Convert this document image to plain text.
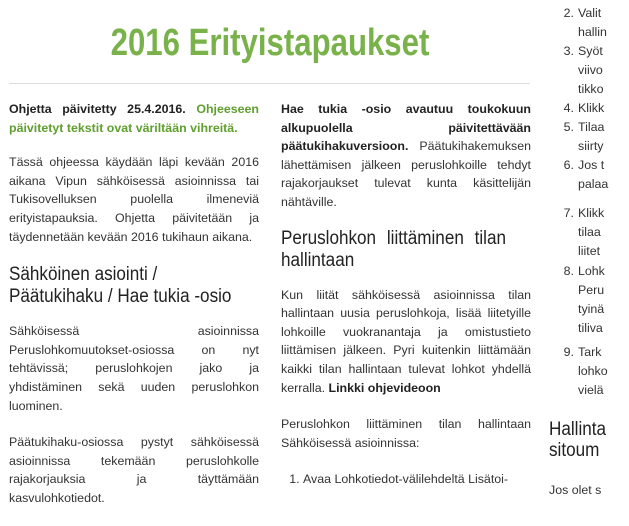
2016 Erityistapaukset

Ohjetta päivitetty 25.4.2016. Ohjeeseen päivitetyt tekstit ovat väriltään vihreitä.

Tässä ohjeessa käydään läpi kevään 2016 aikana Vipun sähköisessä asioinnissa tai Tukisovelluksen puolella ilmeneviä erityistapauksia. Ohjetta päivitetään ja täydennetään kevään 2016 tukihaun aikana.

Sähköinen asiointi / Päätukihaku / Hae tukia -osio

Sähköisessä asioinnissa Peruslohkomuutokset-osiossa on nyt tehtävissä; peruslohkojen jako ja yhdistäminen sekä uuden peruslohkon luominen.

Päätukihaku-osiossa pystyt sähköisessä asioinnissa tekemään peruslohkolle rajakorjauksia ja täyttämään kasvulohkotiedot.

Hae tukia -osio avautuu toukokuun alkupuolella päivitettävään päätukihakuversioon. Päätukihakemuksen lähettämisen jälkeen peruslohkoille tehdyt rajakorjaukset tulevat kunta käsittelijän nähtäville.

Peruslohkon liittäminen tilan hallintaan

Kun liität sähköisessä asioinnissa tilan hallintaan uusia peruslohkoja, lisää liitetyille lohkoille vuokranantaja ja omistustieto liittämisen jälkeen. Pyri kuitenkin liittämään kaikki tilan hallintaan tulevat lohkot yhdellä kerralla. Linkki ohjevideoon

Peruslohkon liittäminen tilan hallintaan Sähköisessä asioinnissa:

1. Avaa Lohkotiedot-välilehdeltä Lisätoi-
2. Valit
hallin
3. Syöt
viivo
tikko
4. Klikk
5. Tilaa
siirty
6. Jos t
palaa
7. Klikk
tilaa
liitet
8. Lohk
Peru
tyinä
tiliva
9. Tark
lohko
vielä
Hallinta
sitoum
Jos olet s
